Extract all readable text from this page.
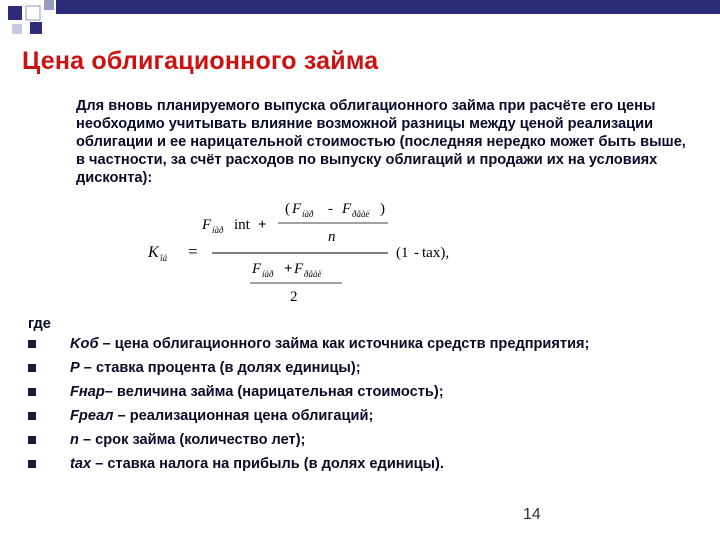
Цена облигационного займа

Для вновь планируемого выпуска облигационного займа при расчёте его цены необходимо учитывать влияние возможной разницы между ценой реализации облигации и ее нарицательной стоимостью (последняя нередко может быть выше, в частности, за счёт расходов по выпуску облигаций и продажи их на условиях дисконта):

K îá =
F íàð int +
( F íàð - F ðåàë )
n
F íàð + F ðåàë
2
(1 - tax),

где

Kоб – цена облигационного займа как источника средств предприятия;
P – ставка процента (в долях единицы);
Fнар– величина займа (нарицательная стоимость);
Fреал – реализационная цена облигаций;
n – срок займа (количество лет);
tax – ставка налога на прибыль (в долях единицы).

14
